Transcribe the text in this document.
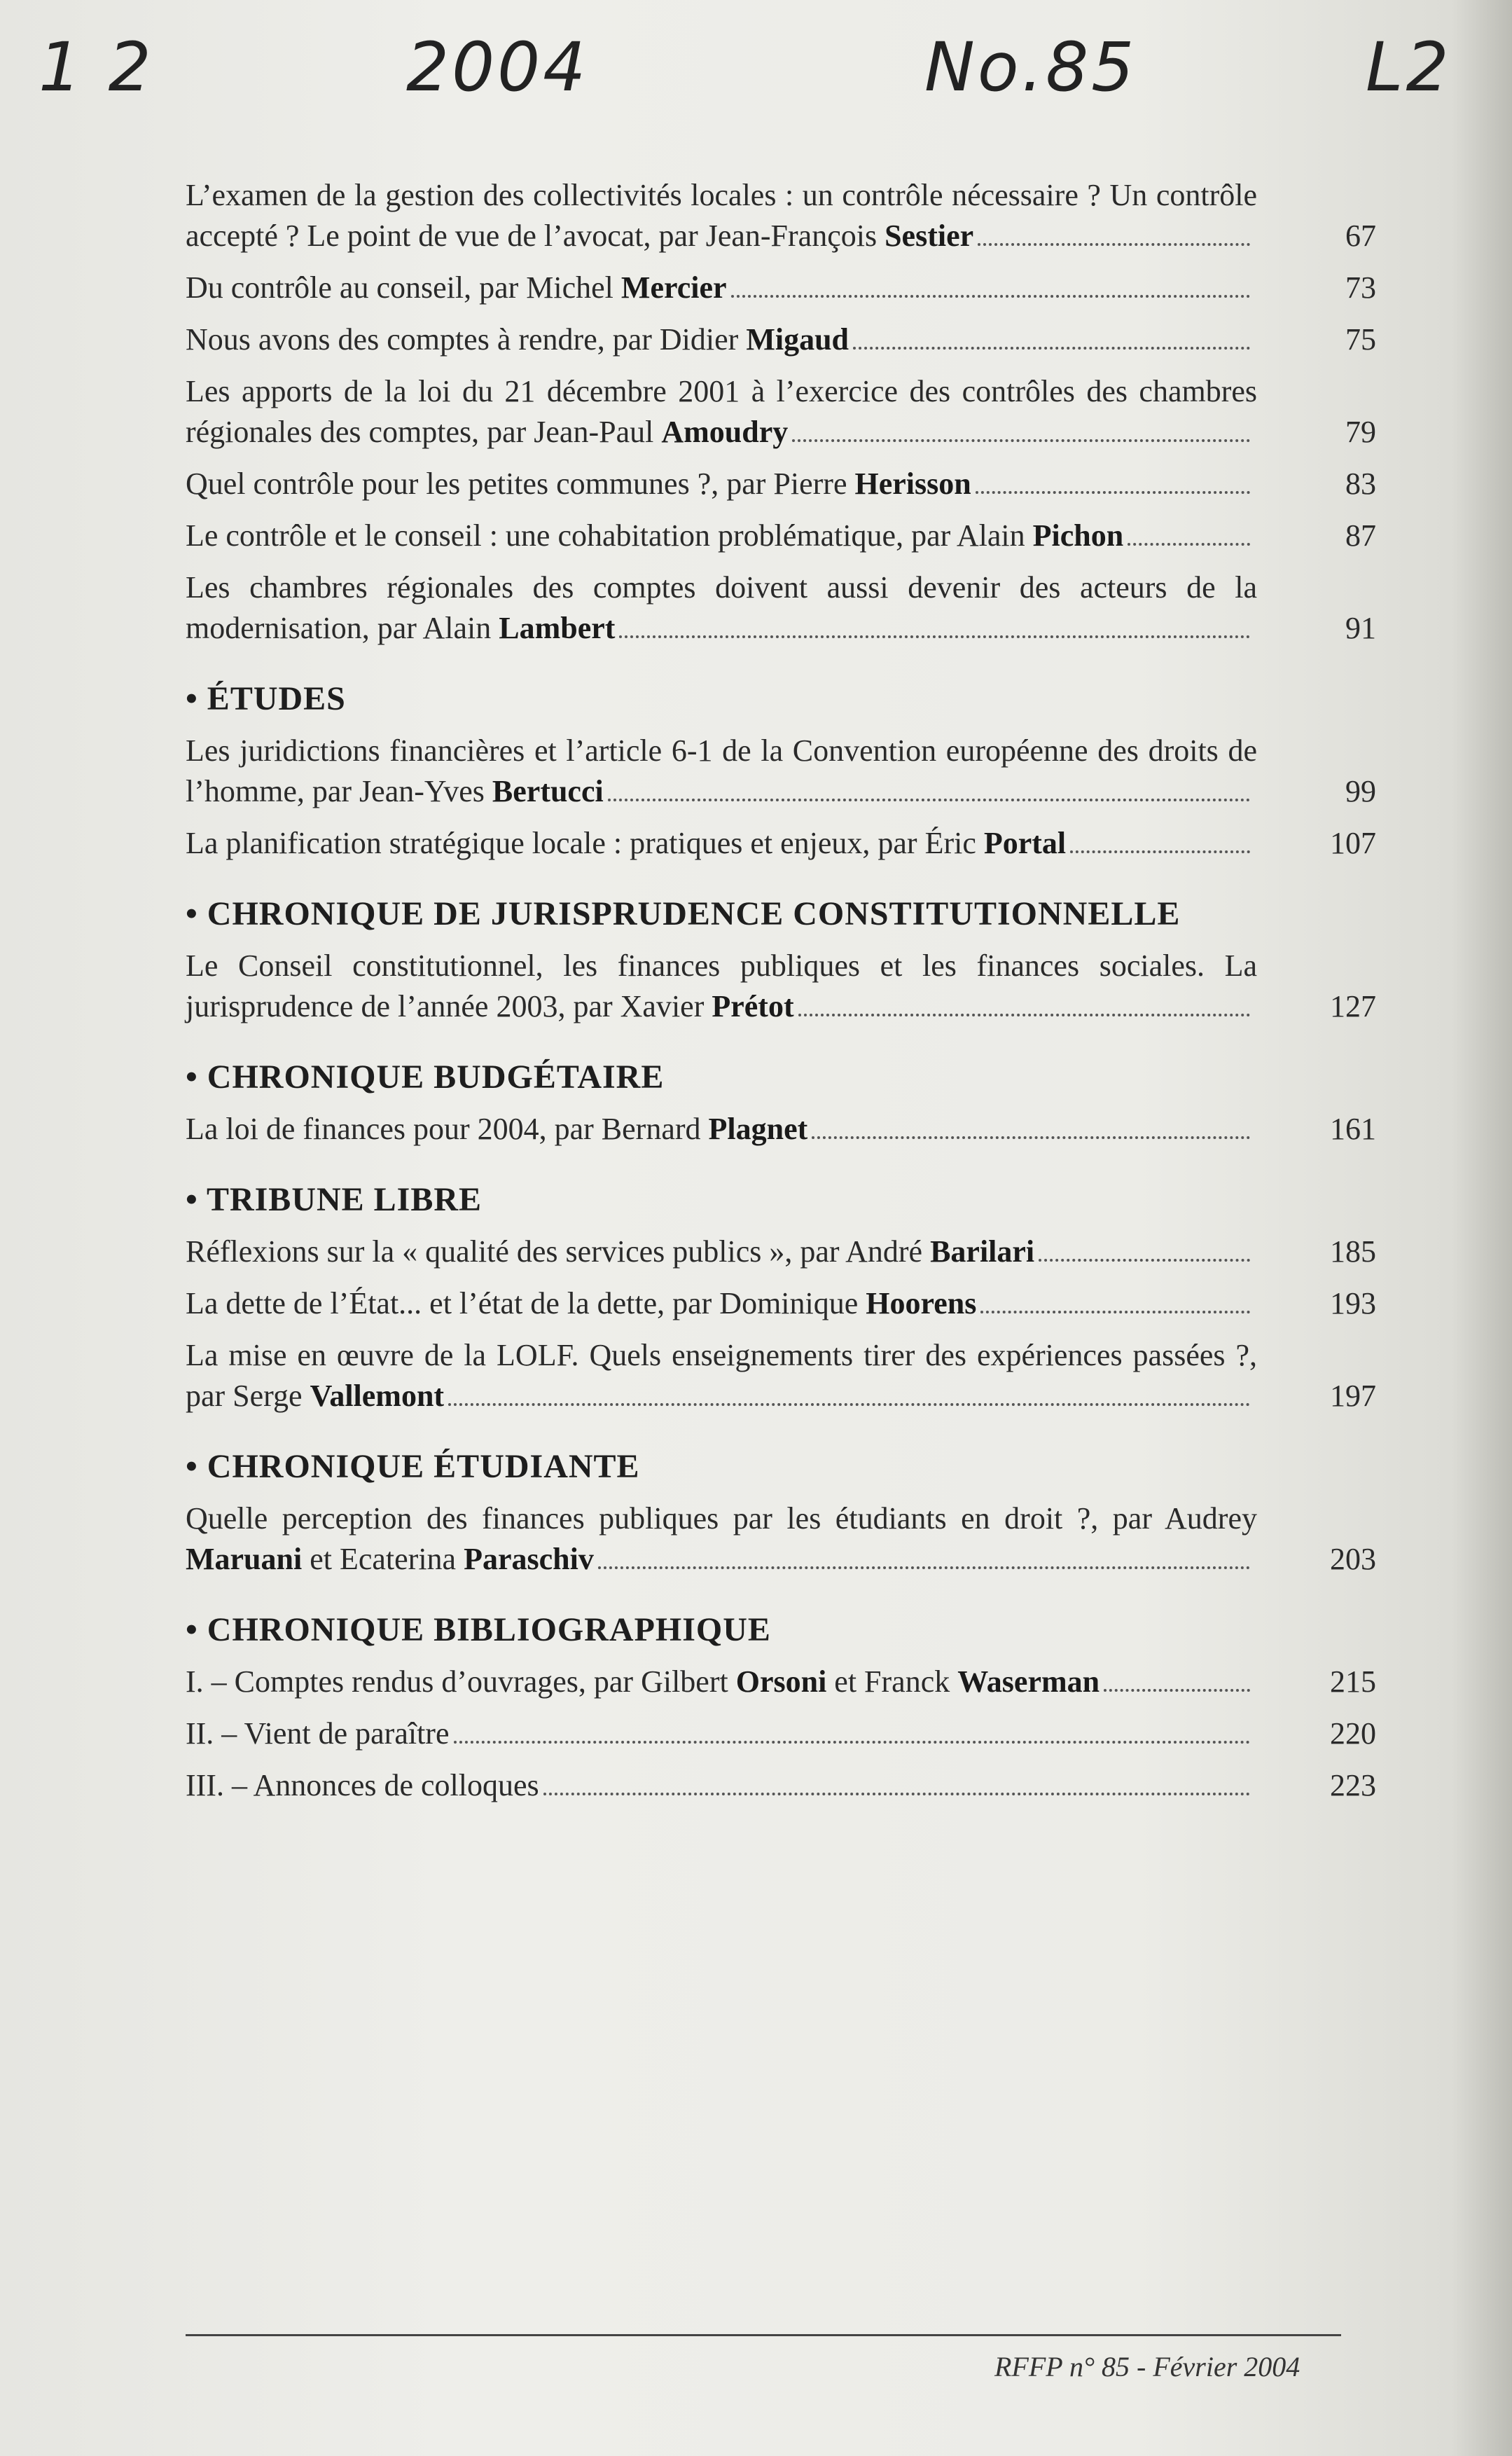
1 2	2004	No.85	L2
L’examen de la gestion des collectivités locales : un contrôle nécessaire ? Un contrôle accepté ? Le point de vue de l’avocat, par Jean-François Sestier	67
Du contrôle au conseil, par Michel Mercier	73
Nous avons des comptes à rendre, par Didier Migaud	75
Les apports de la loi du 21 décembre 2001 à l’exercice des contrôles des chambres régionales des comptes, par Jean-Paul Amoudry	79
Quel contrôle pour les petites communes ?, par Pierre Herisson	83
Le contrôle et le conseil : une cohabitation problématique, par Alain Pichon	87
Les chambres régionales des comptes doivent aussi devenir des acteurs de la modernisation, par Alain Lambert	91
• ÉTUDES
Les juridictions financières et l’article 6-1 de la Convention européenne des droits de l’homme, par Jean-Yves Bertucci	99
La planification stratégique locale : pratiques et enjeux, par Éric Portal	107
• CHRONIQUE DE JURISPRUDENCE CONSTITUTIONNELLE
Le Conseil constitutionnel, les finances publiques et les finances sociales. La jurisprudence de l’année 2003, par Xavier Prétot	127
• CHRONIQUE BUDGÉTAIRE
La loi de finances pour 2004, par Bernard Plagnet	161
• TRIBUNE LIBRE
Réflexions sur la « qualité des services publics », par André Barilari	185
La dette de l’État... et l’état de la dette, par Dominique Hoorens	193
La mise en œuvre de la LOLF. Quels enseignements tirer des expériences passées ?, par Serge Vallemont	197
• CHRONIQUE ÉTUDIANTE
Quelle perception des finances publiques par les étudiants en droit ?, par Audrey Maruani et Ecaterina Paraschiv	203
• CHRONIQUE BIBLIOGRAPHIQUE
I. – Comptes rendus d’ouvrages, par Gilbert Orsoni et Franck Waserman	215
II. – Vient de paraître	220
III. – Annonces de colloques	223
RFFP n° 85 - Février 2004
